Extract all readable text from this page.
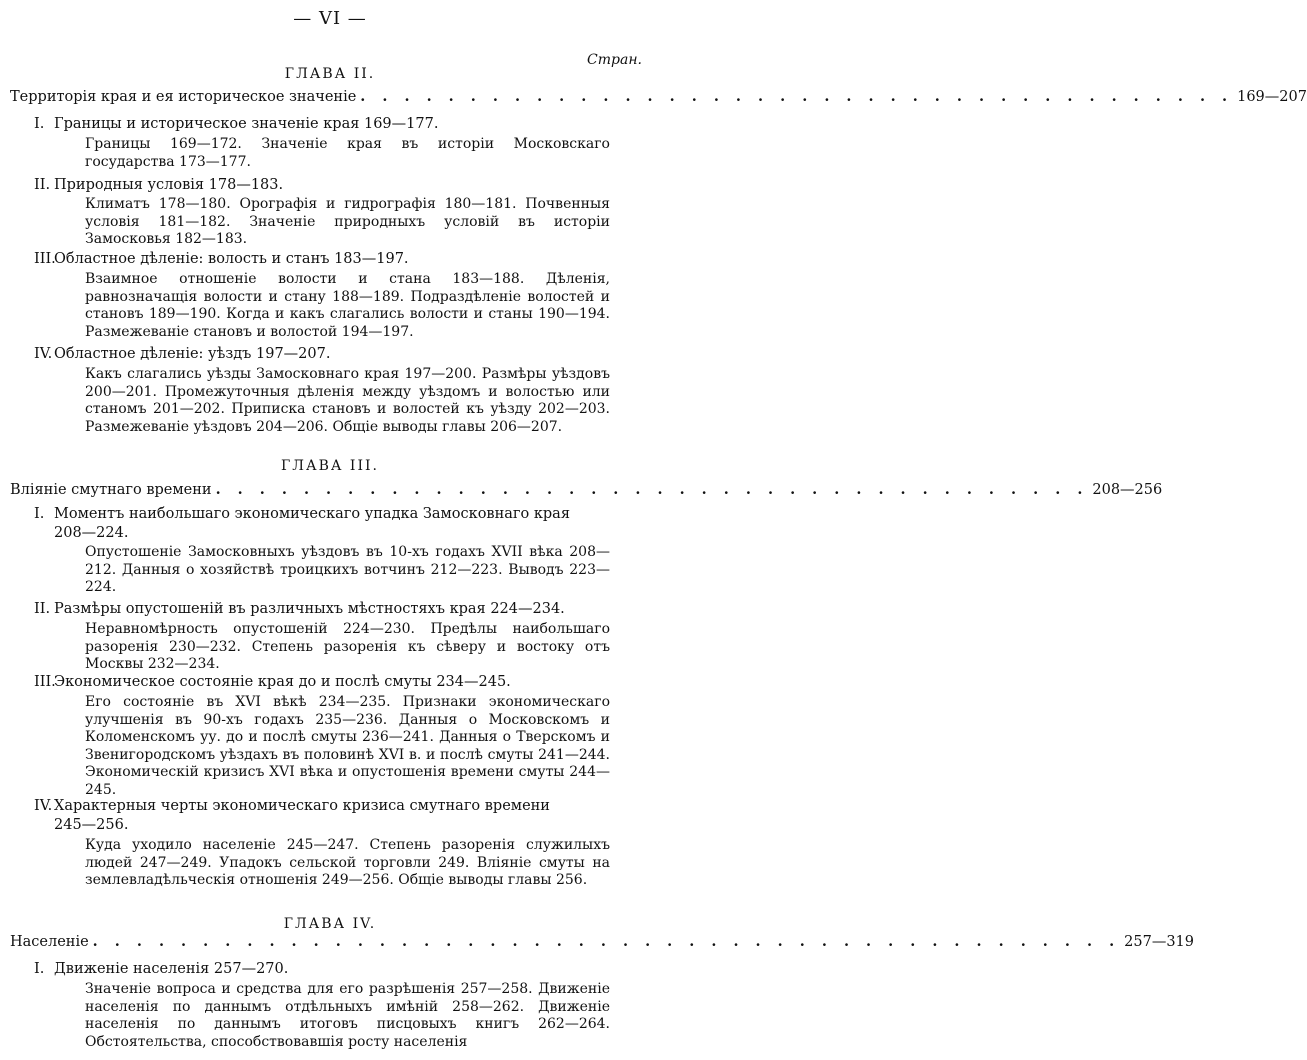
— VI —
Стран.
ГЛАВА II.
Территорія края и ея историческое значеніе . . . . . . . . . . . . . . . . . . . . . . . . . . . . . . . . . . . . . . . . 169—207
I. Границы и историческое значеніе края 169—177.
Границы 169—172. Значеніе края въ исторіи Московскаго государства 173—177.
II. Природныя условія 178—183.
Климатъ 178—180. Орографія и гидрографія 180—181. Почвенныя условія 181—182. Значеніе природныхъ условій въ исторіи Замосковья 182—183.
III.Областное дѣленіе: волость и станъ 183—197.
Взаимное отношеніе волости и стана 183—188. Дѣленія, равнозначащія волости и стану 188—189. Подраздѣленіе волостей и становъ 189—190. Когда и какъ слагались волости и станы 190—194. Размежеваніе становъ и волостой 194—197.
IV. Областное дѣленіе: уѣздъ 197—207.
Какъ слагались уѣзды Замосковнаго края 197—200. Размѣры уѣздовъ 200—201. Промежуточныя дѣленія между уѣздомъ и волостью или станомъ 201—202. Приписка становъ и волостей къ уѣзду 202—203. Размежеваніе уѣздовъ 204—206. Общіе выводы главы 206—207.
ГЛАВА III.
Вліяніе смутнаго времени . . . . . . . . . . . . . . . . . . . . . . . . . . . . . . . . . . . . . . . . 208—256
I. Моментъ наибольшаго экономическаго упадка Замосковнаго края
208—224.
Опустошеніе Замосковныхъ уѣздовъ въ 10-хъ годахъ XVII вѣка 208—212. Данныя о хозяйствѣ троицкихъ вотчинъ 212—223. Выводъ 223—224.
II. Размѣры опустошеній въ различныхъ мѣстностяхъ края 224—234.
Неравномѣрность опустошеній 224—230. Предѣлы наибольшаго разоренія 230—232. Степень разоренія къ сѣверу и востоку отъ Москвы 232—234.
III.Экономическое состояніе края до и послѣ смуты 234—245.
Его состояніе въ XVI вѣкѣ 234—235. Признаки экономическаго улучшенія въ 90-хъ годахъ 235—236. Данныя о Московскомъ и Коломенскомъ уу. до и послѣ смуты 236—241. Данныя о Тверскомъ и Звенигородскомъ уѣздахъ въ половинѣ XVI в. и послѣ смуты 241—244. Экономическій кризисъ XVI вѣка и опустошенія времени смуты 244—245.
IV. Характерныя черты экономическаго кризиса смутнаго времени
245—256.
Куда уходило населеніе 245—247. Степень разоренія служилыхъ людей 247—249. Упадокъ сельской торговли 249. Вліяніе смуты на землевладѣльческія отношенія 249—256. Общіе выводы главы 256.
ГЛАВА IV.
Населеніе . . . . . . . . . . . . . . . . . . . . . . . . . . . . . . . . . . . . . . . . . . . . . . . 257—319
I. Движеніе населенія 257—270.
Значеніе вопроса и средства для его разрѣшенія 257—258. Движеніе населенія по даннымъ отдѣльныхъ имѣній 258—262. Движеніе населенія по даннымъ итоговъ писцовыхъ книгъ 262—264. Обстоятельства, способствовавшія росту населенія
